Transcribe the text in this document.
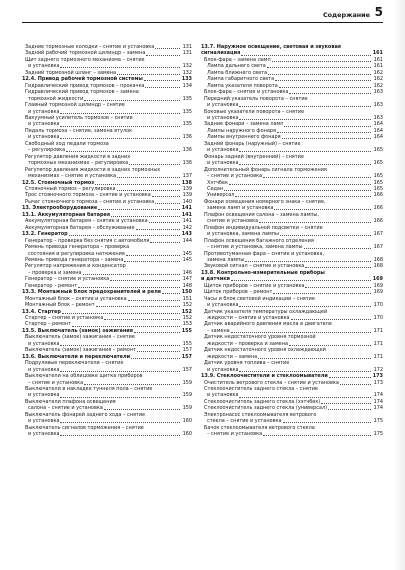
Содержание 5
Задние тормозные колодки – снятие и установка	131
Задний рабочий тормозной цилиндр – замена	131
Щит заднего тормозного механизма – снятие
и установка	132
Задний тормозной шланг – замена	132
12.4. Привод рабочей тормозной системы	133
Гидравлический привод тормозов – прокачка	134
Гидравлический привод тормозов – замена
тормозной жидкости	135
Главный тормозной цилиндр – снятие
и установка	135
Вакуумный усилитель тормозов – снятие
и установка	135
Педаль тормоза – снятие, замена втулок
и установка	136
Свободный ход педали тормоза
– регулировка	136
Регулятор давления жидкости в задних
тормозных механизмах – регулировка	136
Регулятор давления жидкости в задних тормозных
механизмах – снятие и установка	137
12.5. Стояночный тормоз	138
Стояночный тормоз – регулировка	139
Трос стояночного тормоза – снятие и установка	139
Рычаг стояночного тормоза – снятие и установка	140
13. Электрооборудование	141
13.1. Аккумуляторная батарея	141
Аккумуляторная батарея – снятие и установка	141
Аккумуляторная батарея – обслуживание	142
13.2. Генератор	143
Генератор – проверка без снятия с автомобиля	144
Ремень привода генератора – проверка
состояния и регулировка натяжения	145
Ремень привода генератора – замена	145
Регулятор напряжения и конденсатор
– проверка и замена	146
Генератор – снятие и установка	147
Генератор – ремонт	148
13.3. Монтажный блок предохранителей и реле	150
Монтажный блок – снятие и установка	151
Монтажный блок – ремонт	152
13.4. Стартер	152
Стартер – снятие и установка	152
Стартер – ремонт	153
13.5. Выключатель (замок) зажигания	155
Выключатель (замок) зажигания – снятие
и установка	155
Выключатель (замок) зажигания – ремонт	157
13.6. Выключатели и переключатели	157
Подрулевые переключатели – снятие
и установка	157
Выключатели на облицовке щитка приборов
– снятие и установка	159
Выключатели в накладке туннеля пола – снятие
и установка	159
Выключатели плафона освещения
салона – снятие и установка	159
Выключатель фонарей заднего хода – снятие
и установка	160
Выключатель сигналов торможения – снятие
и установка	160
13.7. Наружное освещение, световая и звуковая
сигнализация	161
Блок-фара – замена ламп	161
Лампа дальнего света	161
Лампа ближнего света	162
Лампа габаритного света	162
Лампа указателя поворота	162
Блок-фара – снятие и установка	163
Передний указатель поворота – снятие
и установка	163
Боковые указатели поворота – снятие
и установка	163
Задние фонари – замена ламп	164
Лампы наружного фонаря	164
Лампы внутреннего фонаря	164
Задний фонарь (наружный) – снятие
и установка	165
Фонарь задний (внутренний) – снятие
и установка	165
Дополнительный фонарь сигнала торможения
– снятие и установка	165
Хэтчбек	165
Седан	165
Универсал	166
Фонари освещения номерного знака – снятие,
замена ламп и установка	166
Плафон освещения салона – замена лампы,
снятие и установка	166
Плафон индивидуальной подсветки – снятие
и установка, замена лампы	167
Плафон освещения багажного отделения
– снятие и установка, замена лампы	167
Противотуманная фара – снятие и установка,
замена лампы	168
Звуковой сигнал – снятие и установка	168
13.8. Контрольно-измерительные приборы
и датчики	169
Щиток приборов – снятие и установка	169
Щиток приборов – ремонт	169
Часы и блок световой индикации – снятие
и установка	170
Датчик указателя температуры охлаждающей
жидкости – снятие и установка	170
Датчик аварийного давления масла в двигателе
– замена	171
Датчик недостаточного уровня тормозной
жидкости – проверка и замена	171
Датчик недостаточного уровня охлаждающей
жидкости – замена	171
Датчик уровня топлива – снятие
и установка	172
13.9. Стеклоочистители и стеклоомыватели	173
Очиститель ветрового стекла – снятие и установка	173
Стеклоочиститель заднего стекла – снятие
и установка	174
Стеклоочиститель заднего стекла (хэтчбек)	174
Стеклоочиститель заднего стекла (универсал)	174
Электронасос стеклоомывателя ветрового
стекла – снятие и установка	175
Бачок стеклоомывателя ветрового стекла
– снятие и установка	175
